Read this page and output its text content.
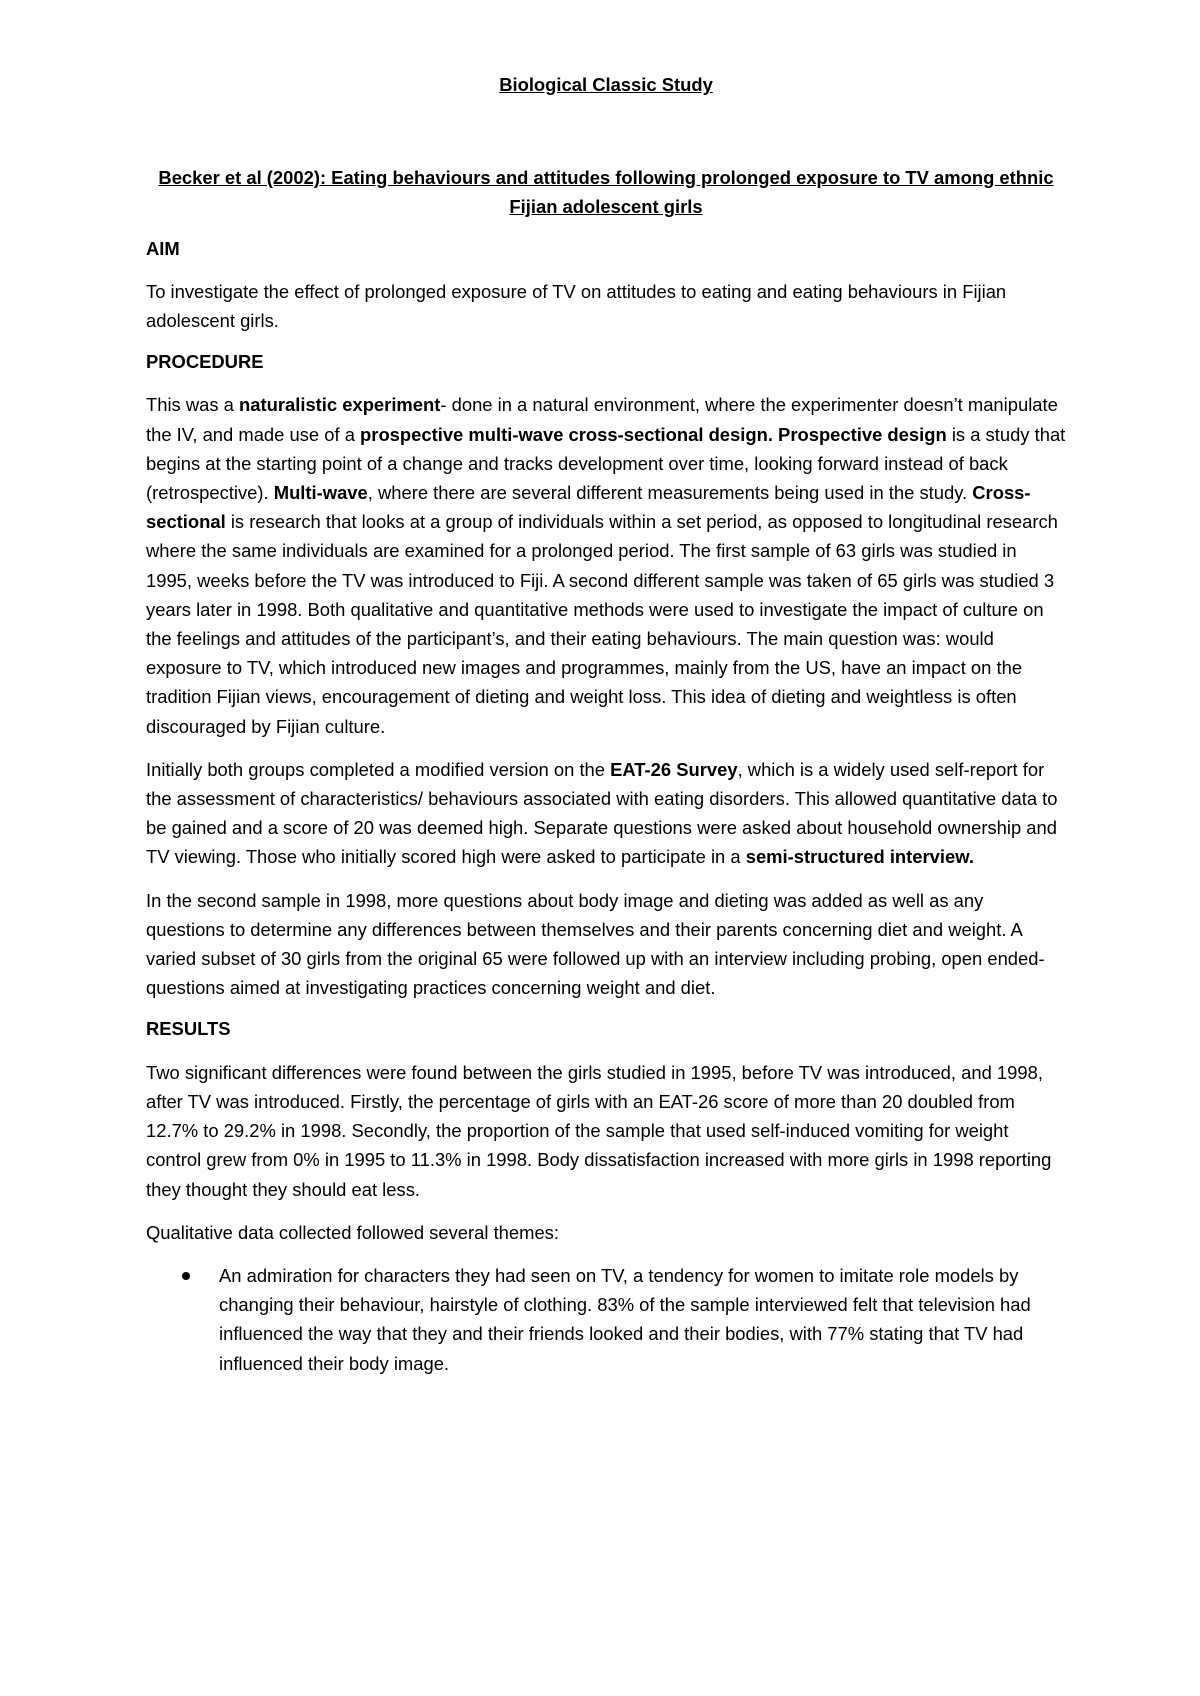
Biological Classic Study
Becker et al (2002): Eating behaviours and attitudes following prolonged exposure to TV among ethnic Fijian adolescent girls
AIM

To investigate the effect of prolonged exposure of TV on attitudes to eating and eating behaviours in Fijian adolescent girls.

PROCEDURE

This was a naturalistic experiment- done in a natural environment, where the experimenter doesn’t manipulate the IV, and made use of a prospective multi-wave cross-sectional design. Prospective design is a study that begins at the starting point of a change and tracks development over time, looking forward instead of back (retrospective). Multi-wave, where there are several different measurements being used in the study. Cross-sectional is research that looks at a group of individuals within a set period, as opposed to longitudinal research where the same individuals are examined for a prolonged period. The first sample of 63 girls was studied in 1995, weeks before the TV was introduced to Fiji. A second different sample was taken of 65 girls was studied 3 years later in 1998. Both qualitative and quantitative methods were used to investigate the impact of culture on the feelings and attitudes of the participant’s, and their eating behaviours. The main question was: would exposure to TV, which introduced new images and programmes, mainly from the US, have an impact on the tradition Fijian views, encouragement of dieting and weight loss. This idea of dieting and weightless is often discouraged by Fijian culture.

Initially both groups completed a modified version on the EAT-26 Survey, which is a widely used self-report for the assessment of characteristics/ behaviours associated with eating disorders. This allowed quantitative data to be gained and a score of 20 was deemed high. Separate questions were asked about household ownership and TV viewing. Those who initially scored high were asked to participate in a semi-structured interview.

In the second sample in 1998, more questions about body image and dieting was added as well as any questions to determine any differences between themselves and their parents concerning diet and weight. A varied subset of 30 girls from the original 65 were followed up with an interview including probing, open ended-questions aimed at investigating practices concerning weight and diet.

RESULTS

Two significant differences were found between the girls studied in 1995, before TV was introduced, and 1998, after TV was introduced. Firstly, the percentage of girls with an EAT-26 score of more than 20 doubled from 12.7% to 29.2% in 1998. Secondly, the proportion of the sample that used self-induced vomiting for weight control grew from 0% in 1995 to 11.3% in 1998. Body dissatisfaction increased with more girls in 1998 reporting they thought they should eat less.

Qualitative data collected followed several themes:

An admiration for characters they had seen on TV, a tendency for women to imitate role models by changing their behaviour, hairstyle of clothing. 83% of the sample interviewed felt that television had influenced the way that they and their friends looked and their bodies, with 77% stating that TV had influenced their body image.
